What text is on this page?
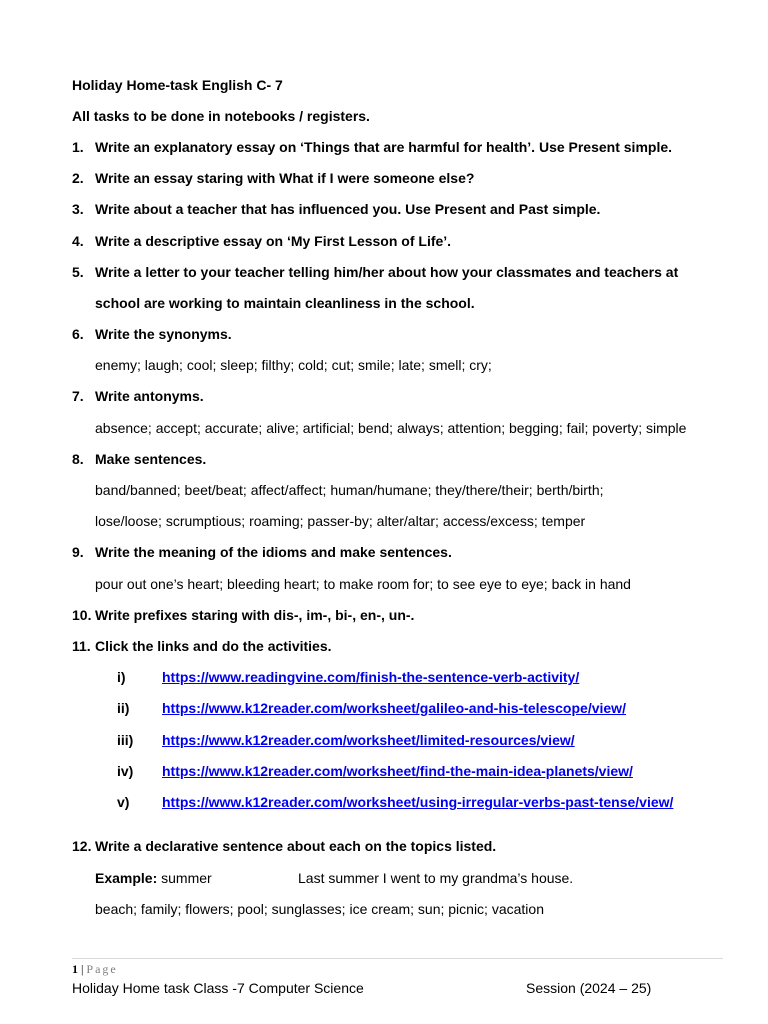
Holiday Home-task English C- 7
All tasks to be done in notebooks / registers.
1. Write an explanatory essay on ‘Things that are harmful for health’. Use Present simple.
2. Write an essay staring with What if I were someone else?
3. Write about a teacher that has influenced you. Use Present and Past simple.
4. Write a descriptive essay on ‘My First Lesson of Life’.
5. Write a letter to your teacher telling him/her about how your classmates and teachers at
school are working to maintain cleanliness in the school.
6. Write the synonyms.
enemy; laugh; cool; sleep; filthy; cold; cut; smile; late; smell; cry;
7. Write antonyms.
absence; accept; accurate; alive; artificial; bend; always; attention; begging; fail; poverty; simple
8. Make sentences.
band/banned; beet/beat; affect/affect; human/humane; they/there/their; berth/birth;
lose/loose; scrumptious; roaming; passer-by; alter/altar; access/excess; temper
9. Write the meaning of the idioms and make sentences.
pour out one’s heart; bleeding heart; to make room for; to see eye to eye; back in hand
10. Write prefixes staring with dis-, im-, bi-, en-, un-.
11. Click the links and do the activities.
i)	https://www.readingvine.com/finish-the-sentence-verb-activity/
ii) https://www.k12reader.com/worksheet/galileo-and-his-telescope/view/
iii) https://www.k12reader.com/worksheet/limited-resources/view/
iv) https://www.k12reader.com/worksheet/find-the-main-idea-planets/view/
v) https://www.k12reader.com/worksheet/using-irregular-verbs-past-tense/view/
12. Write a declarative sentence about each on the topics listed.
Example: summer	Last summer I went to my grandma’s house.
beach; family; flowers; pool; sunglasses; ice cream; sun; picnic; vacation
1 | Page
Holiday Home task Class -7 Computer Science	Session (2024 – 25)
